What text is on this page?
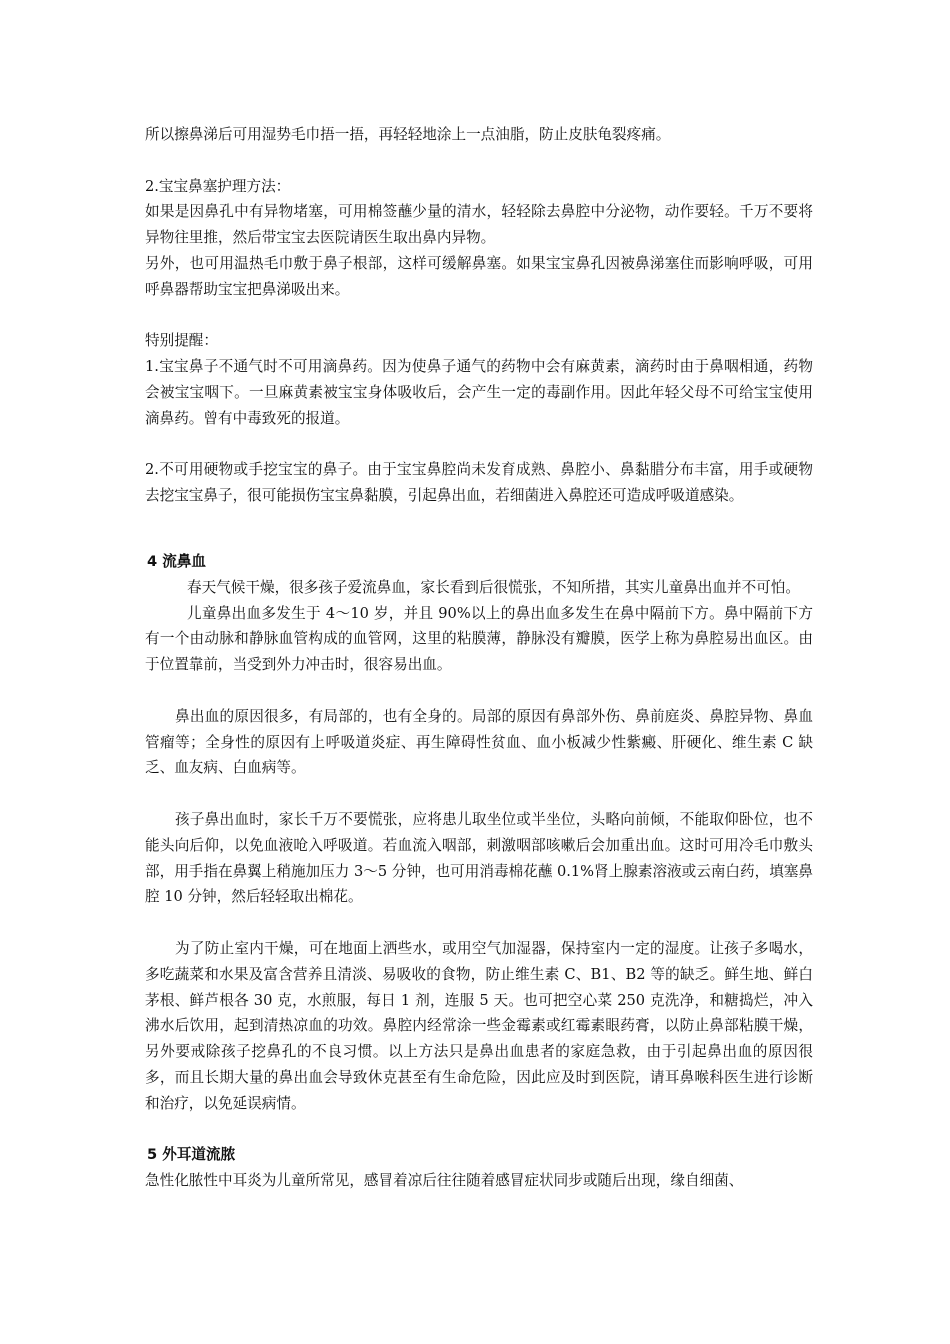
所以擦鼻涕后可用湿势毛巾捂一捂，再轻轻地涂上一点油脂，防止皮肤龟裂疼痛。

2.宝宝鼻塞护理方法：

如果是因鼻孔中有异物堵塞，可用棉签蘸少量的清水，轻轻除去鼻腔中分泌物，动作要轻。千万不要将异物往里推，然后带宝宝去医院请医生取出鼻内异物。

另外，也可用温热毛巾敷于鼻子根部，这样可缓解鼻塞。如果宝宝鼻孔因被鼻涕塞住而影响呼吸，可用呼鼻器帮助宝宝把鼻涕吸出来。

特别提醒：

1.宝宝鼻子不通气时不可用滴鼻药。因为使鼻子通气的药物中会有麻黄素，滴药时由于鼻咽相通，药物会被宝宝咽下。一旦麻黄素被宝宝身体吸收后，会产生一定的毒副作用。因此年轻父母不可给宝宝使用滴鼻药。曾有中毒致死的报道。

2.不可用硬物或手挖宝宝的鼻子。由于宝宝鼻腔尚未发育成熟、鼻腔小、鼻黏腊分布丰富，用手或硬物去挖宝宝鼻子，很可能损伤宝宝鼻黏膜，引起鼻出血，若细菌进入鼻腔还可造成呼吸道感染。

4 流鼻血

春天气候干燥，很多孩子爱流鼻血，家长看到后很慌张，不知所措，其实儿童鼻出血并不可怕。

儿童鼻出血多发生于 4～10 岁，并且 90%以上的鼻出血多发生在鼻中隔前下方。鼻中隔前下方有一个由动脉和静脉血管构成的血管网，这里的粘膜薄，静脉没有瓣膜，医学上称为鼻腔易出血区。由于位置靠前，当受到外力冲击时，很容易出血。

鼻出血的原因很多，有局部的，也有全身的。局部的原因有鼻部外伤、鼻前庭炎、鼻腔异物、鼻血管瘤等；全身性的原因有上呼吸道炎症、再生障碍性贫血、血小板减少性紫癜、肝硬化、维生素 C 缺乏、血友病、白血病等。

孩子鼻出血时，家长千万不要慌张，应将患儿取坐位或半坐位，头略向前倾，不能取仰卧位，也不能头向后仰，以免血液呛入呼吸道。若血流入咽部，刺激咽部咳嗽后会加重出血。这时可用冷毛巾敷头部，用手指在鼻翼上稍施加压力 3～5 分钟，也可用消毒棉花蘸 0.1%肾上腺素溶液或云南白药，填塞鼻腔 10 分钟，然后轻轻取出棉花。

为了防止室内干燥，可在地面上洒些水，或用空气加湿器，保持室内一定的湿度。让孩子多喝水，多吃蔬菜和水果及富含营养且清淡、易吸收的食物，防止维生素 C、B1、B2 等的缺乏。鲜生地、鲜白茅根、鲜芦根各 30 克，水煎服，每日 1 剂，连服 5 天。也可把空心菜 250 克洗净，和糖捣烂，冲入沸水后饮用，起到清热凉血的功效。鼻腔内经常涂一些金霉素或红霉素眼药膏，以防止鼻部粘膜干燥，另外要戒除孩子挖鼻孔的不良习惯。以上方法只是鼻出血患者的家庭急救，由于引起鼻出血的原因很多，而且长期大量的鼻出血会导致休克甚至有生命危险，因此应及时到医院，请耳鼻喉科医生进行诊断和治疗，以免延误病情。

5 外耳道流脓

急性化脓性中耳炎为儿童所常见，感冒着凉后往往随着感冒症状同步或随后出现，缘自细菌、
